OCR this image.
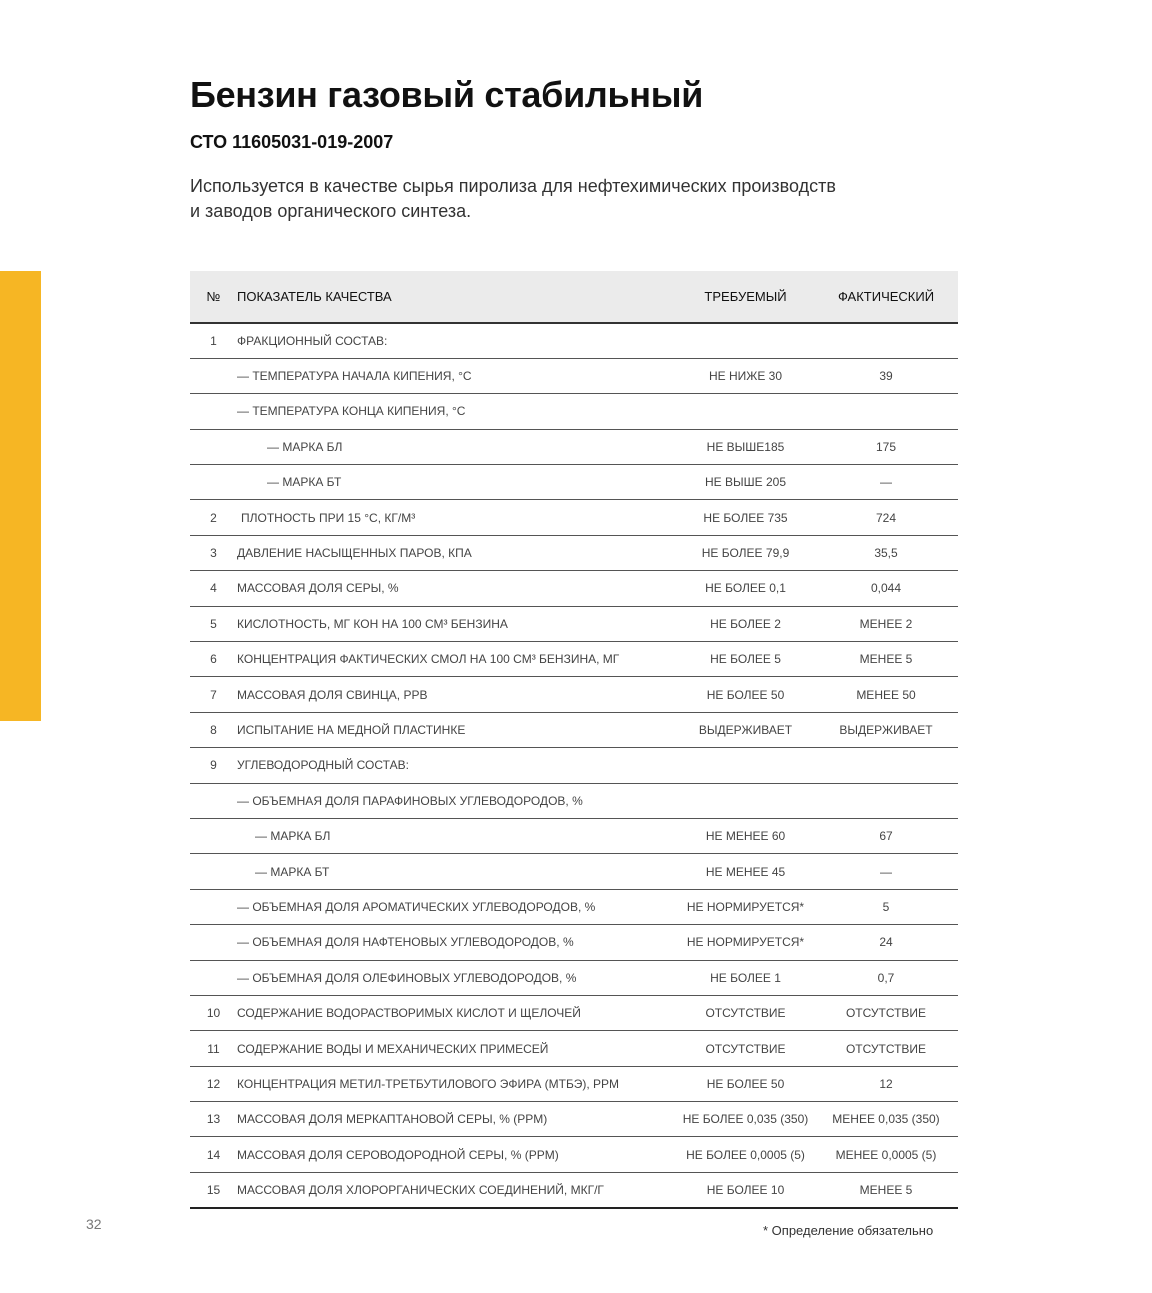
Бензин газовый стабильный
СТО 11605031-019-2007
Используется в качестве сырья пиролиза для нефтехимических производств
и заводов органического синтеза.
№	ПОКАЗАТЕЛЬ КАЧЕСТВА	ТРЕБУЕМЫЙ	ФАКТИЧЕСКИЙ
1	ФРАКЦИОННЫЙ СОСТАВ:		
	— ТЕМПЕРАТУРА НАЧАЛА КИПЕНИЯ, °С	НЕ НИЖЕ 30	39
	— ТЕМПЕРАТУРА КОНЦА КИПЕНИЯ, °С		
	— МАРКА БЛ	НЕ ВЫШЕ185	175
	— МАРКА БТ	НЕ ВЫШЕ 205	—
2	ПЛОТНОСТЬ ПРИ 15 °С, КГ/М³	НЕ БОЛЕЕ 735	724
3	ДАВЛЕНИЕ НАСЫЩЕННЫХ ПАРОВ, КПА	НЕ БОЛЕЕ 79,9	35,5
4	МАССОВАЯ ДОЛЯ СЕРЫ, %	НЕ БОЛЕЕ 0,1	0,044
5	КИСЛОТНОСТЬ, МГ КОН НА 100 СМ³ БЕНЗИНА	НЕ БОЛЕЕ 2	МЕНЕЕ 2
6	КОНЦЕНТРАЦИЯ ФАКТИЧЕСКИХ СМОЛ НА 100 СМ³ БЕНЗИНА, МГ	НЕ БОЛЕЕ 5	МЕНЕЕ 5
7	МАССОВАЯ ДОЛЯ СВИНЦА, PPB	НЕ БОЛЕЕ 50	МЕНЕЕ 50
8	ИСПЫТАНИЕ НА МЕДНОЙ ПЛАСТИНКЕ	ВЫДЕРЖИВАЕТ	ВЫДЕРЖИВАЕТ
9	УГЛЕВОДОРОДНЫЙ СОСТАВ:		
	— ОБЪЕМНАЯ ДОЛЯ ПАРАФИНОВЫХ УГЛЕВОДОРОДОВ, %		
	— МАРКА БЛ	НЕ МЕНЕЕ 60	67
	— МАРКА БТ	НЕ МЕНЕЕ 45	—
	— ОБЪЕМНАЯ ДОЛЯ АРОМАТИЧЕСКИХ УГЛЕВОДОРОДОВ, %	НЕ НОРМИРУЕТСЯ*	5
	— ОБЪЕМНАЯ ДОЛЯ НАФТЕНОВЫХ УГЛЕВОДОРОДОВ, %	НЕ НОРМИРУЕТСЯ*	24
	— ОБЪЕМНАЯ ДОЛЯ ОЛЕФИНОВЫХ УГЛЕВОДОРОДОВ, %	НЕ БОЛЕЕ 1	0,7
10	СОДЕРЖАНИЕ ВОДОРАСТВОРИМЫХ КИСЛОТ И ЩЕЛОЧЕЙ	ОТСУТСТВИЕ	ОТСУТСТВИЕ
11	СОДЕРЖАНИЕ ВОДЫ И МЕХАНИЧЕСКИХ ПРИМЕСЕЙ	ОТСУТСТВИЕ	ОТСУТСТВИЕ
12	КОНЦЕНТРАЦИЯ МЕТИЛ-ТРЕТБУТИЛОВОГО ЭФИРА (МТБЭ), PPM	НЕ БОЛЕЕ 50	12
13	МАССОВАЯ ДОЛЯ МЕРКАПТАНОВОЙ СЕРЫ, % (PPM)	НЕ БОЛЕЕ 0,035 (350)	МЕНЕЕ 0,035 (350)
14	МАССОВАЯ ДОЛЯ СЕРОВОДОРОДНОЙ СЕРЫ, % (PPM)	НЕ БОЛЕЕ 0,0005 (5)	МЕНЕЕ 0,0005 (5)
15	МАССОВАЯ ДОЛЯ ХЛОРОРГАНИЧЕСКИХ СОЕДИНЕНИЙ, МКГ/Г	НЕ БОЛЕЕ 10	МЕНЕЕ 5
32	* Определение обязательно
